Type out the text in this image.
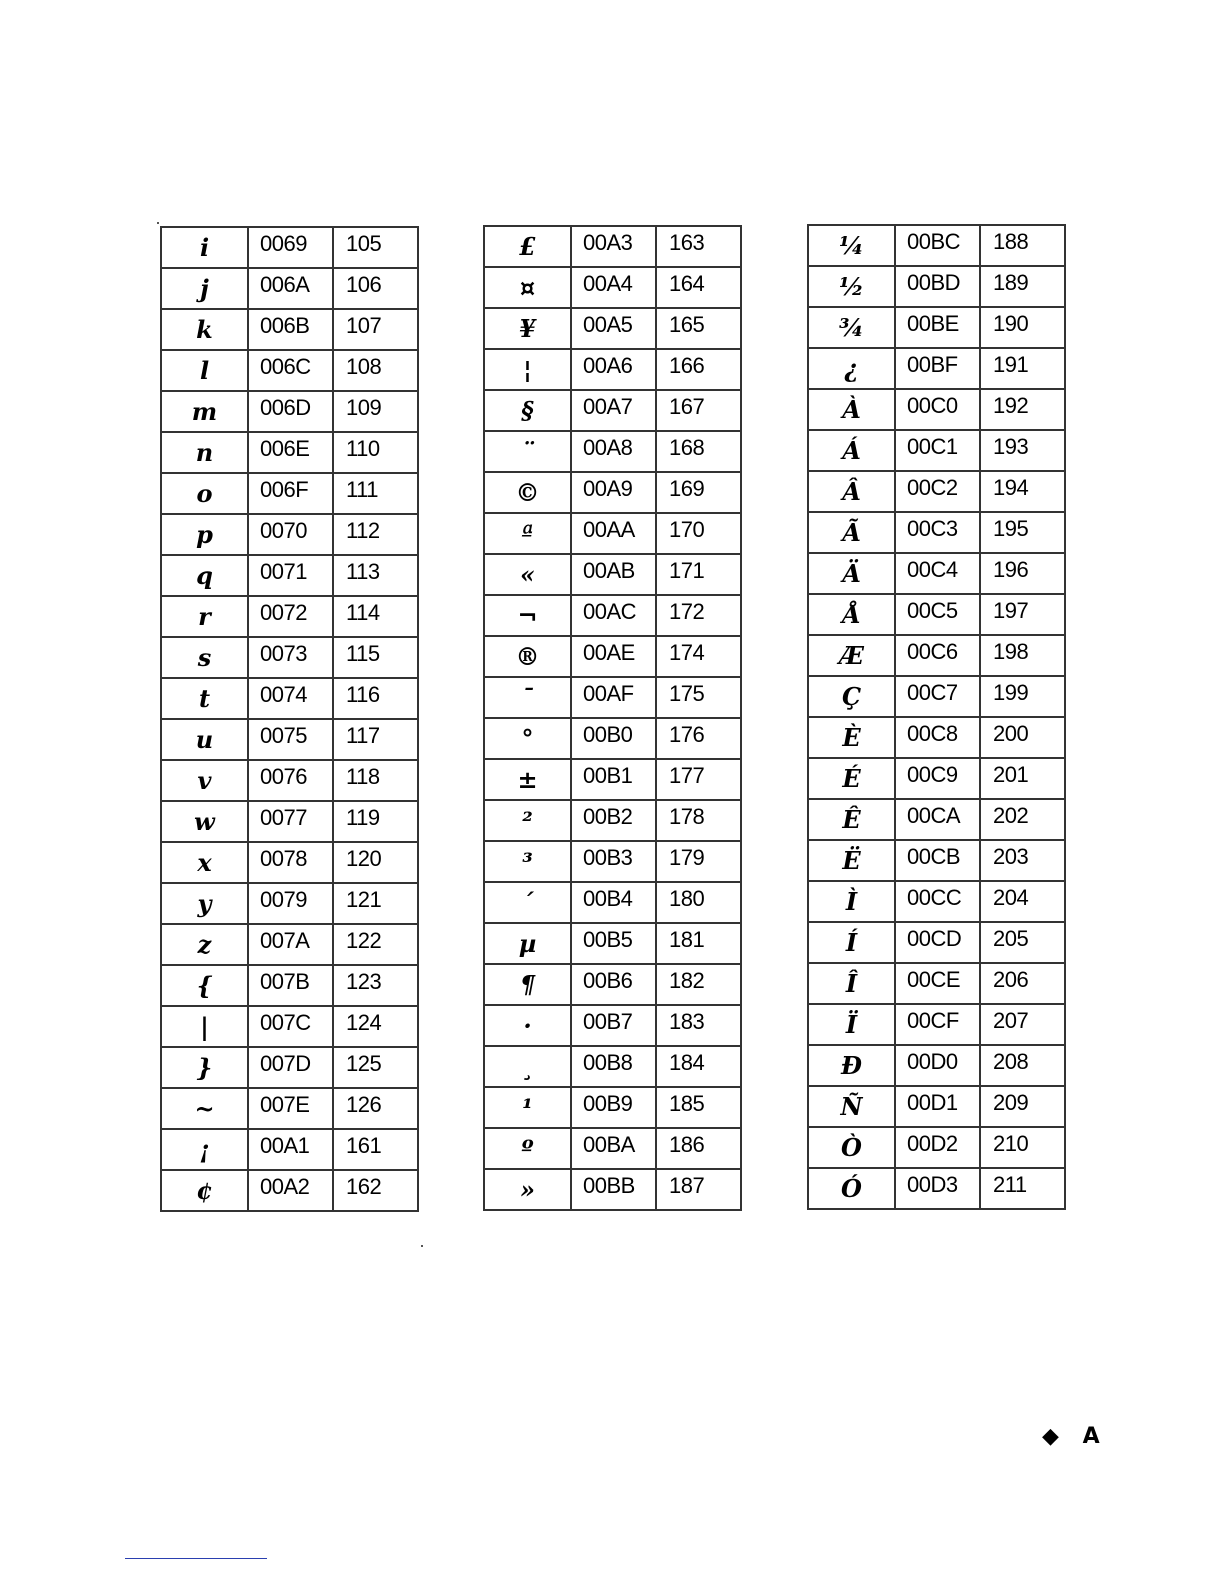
i	0069	105
j	006A	106
k	006B	107
l	006C	108
m	006D	109
n	006E	110
o	006F	111
p	0070	112
q	0071	113
r	0072	114
s	0073	115
t	0074	116
u	0075	117
v	0076	118
w	0077	119
x	0078	120
y	0079	121
z	007A	122
{	007B	123
|	007C	124
}	007D	125
~	007E	126
¡	00A1	161
¢	00A2	162
£	00A3	163
¤	00A4	164
¥	00A5	165
¦	00A6	166
§	00A7	167
¨	00A8	168
©	00A9	169
ª	00AA	170
«	00AB	171
¬	00AC	172
®	00AE	174
¯	00AF	175
°	00B0	176
±	00B1	177
²	00B2	178
³	00B3	179
´	00B4	180
µ	00B5	181
¶	00B6	182
·	00B7	183
¸	00B8	184
¹	00B9	185
º	00BA	186
»	00BB	187
¼	00BC	188
½	00BD	189
¾	00BE	190
¿	00BF	191
À	00C0	192
Á	00C1	193
Â	00C2	194
Ã	00C3	195
Ä	00C4	196
Å	00C5	197
Æ	00C6	198
Ç	00C7	199
È	00C8	200
É	00C9	201
Ê	00CA	202
Ë	00CB	203
Ì	00CC	204
Í	00CD	205
Î	00CE	206
Ï	00CF	207
Ð	00D0	208
Ñ	00D1	209
Ò	00D2	210
Ó	00D3	211
◆ A
